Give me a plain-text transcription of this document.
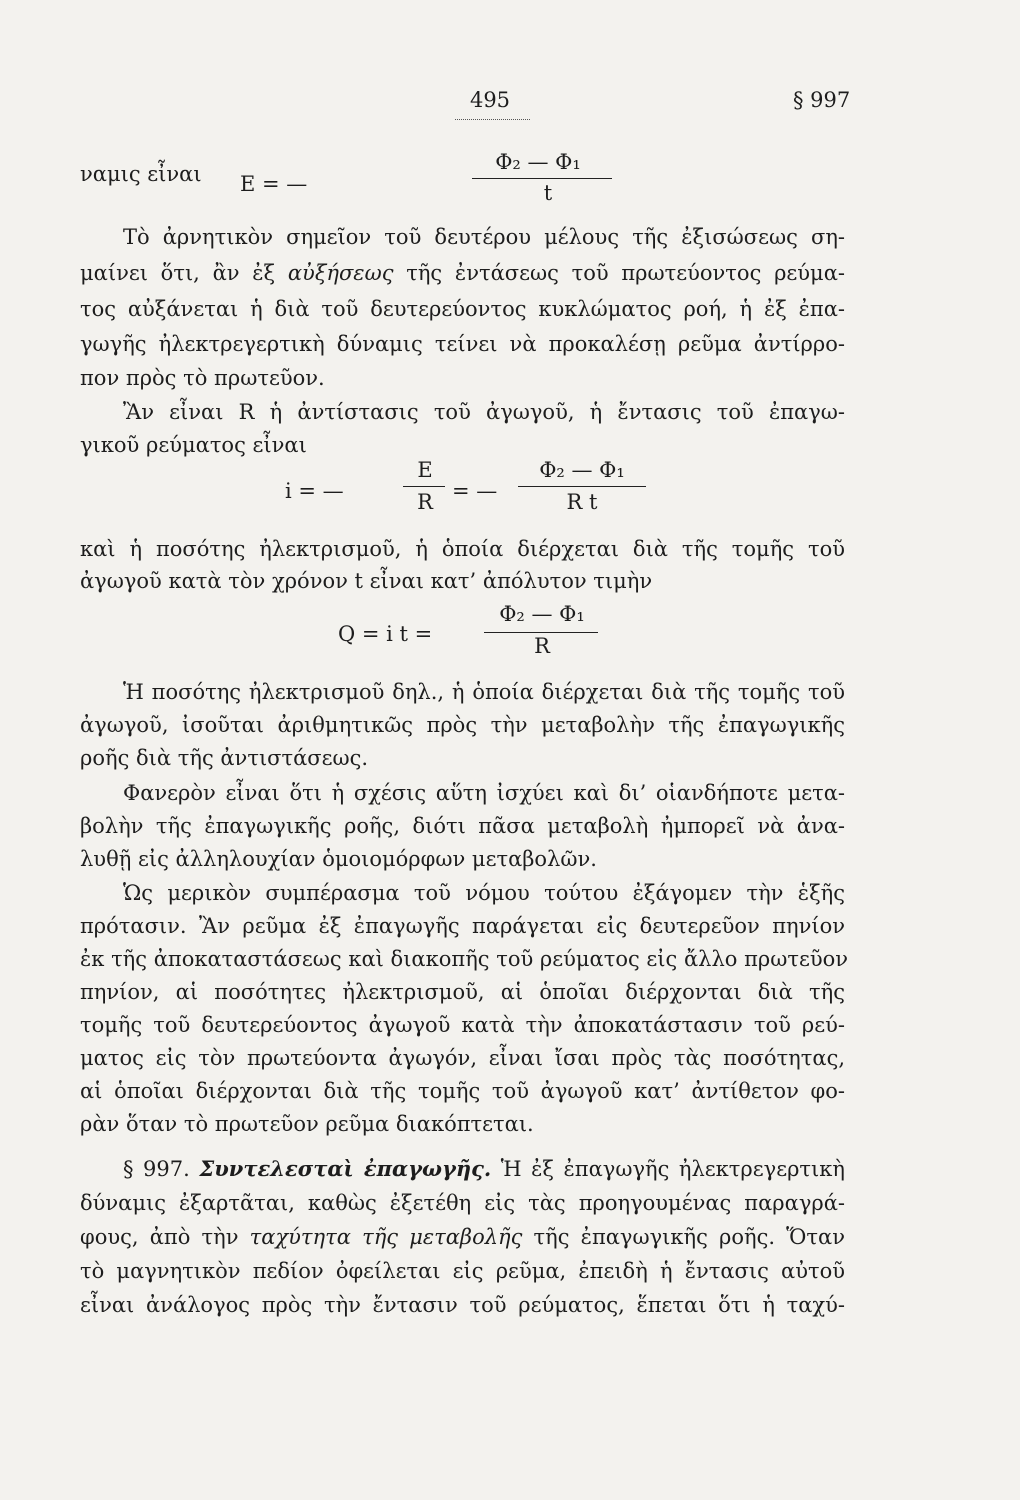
495	§ 997
ναμις εἶναι E = —
Φ₂ — Φ₁
t
Τὸ ἀρνητικὸν σημεῖον τοῦ δευτέρου μέλους τῆς ἐξισώσεως ση-
μαίνει ὅτι, ἂν ἐξ αὐξήσεως τῆς ἐντάσεως τοῦ πρωτεύοντος ρεύμα-
τος αὐξάνεται ἡ διὰ τοῦ δευτερεύοντος κυκλώματος ροή, ἡ ἐξ ἐπα-
γωγῆς ἠλεκτρεγερτικὴ δύναμις τείνει νὰ προκαλέσῃ ρεῦμα ἀντίρρο-
πον πρὸς τὸ πρωτεῦον.
Ἂν εἶναι R ἡ ἀντίστασις τοῦ ἀγωγοῦ, ἡ ἔντασις τοῦ ἐπαγω-
γικοῦ ρεύματος εἶναι
i = —
E
R = —
Φ₂ — Φ₁
R t
καὶ ἡ ποσότης ἠλεκτρισμοῦ, ἡ ὁποία διέρχεται διὰ τῆς τομῆς τοῦ
ἀγωγοῦ κατὰ τὸν χρόνον t εἶναι κατ’ ἀπόλυτον τιμὴν
Q = i t =
Φ₂ — Φ₁
R
Ἡ ποσότης ἠλεκτρισμοῦ δηλ., ἡ ὁποία διέρχεται διὰ τῆς τομῆς τοῦ
ἀγωγοῦ, ἰσοῦται ἀριθμητικῶς πρὸς τὴν μεταβολὴν τῆς ἐπαγωγικῆς
ροῆς διὰ τῆς ἀντιστάσεως.
Φανερὸν εἶναι ὅτι ἡ σχέσις αὕτη ἰσχύει καὶ δι’ οἱανδήποτε μετα-
βολὴν τῆς ἐπαγωγικῆς ροῆς, διότι πᾶσα μεταβολὴ ἠμπορεῖ νὰ ἀνα-
λυθῇ εἰς ἀλληλουχίαν ὁμοιομόρφων μεταβολῶν.
Ὡς μερικὸν συμπέρασμα τοῦ νόμου τούτου ἐξάγομεν τὴν ἑξῆς
πρότασιν. Ἂν ρεῦμα ἐξ ἐπαγωγῆς παράγεται εἰς δευτερεῦον πηνίον
ἐκ τῆς ἀποκαταστάσεως καὶ διακοπῆς τοῦ ρεύματος εἰς ἄλλο πρωτεῦον
πηνίον, αἱ ποσότητες ἠλεκτρισμοῦ, αἱ ὁποῖαι διέρχονται διὰ τῆς
τομῆς τοῦ δευτερεύοντος ἀγωγοῦ κατὰ τὴν ἀποκατάστασιν τοῦ ρεύ-
ματος εἰς τὸν πρωτεύοντα ἀγωγόν, εἶναι ἴσαι πρὸς τὰς ποσότητας,
αἱ ὁποῖαι διέρχονται διὰ τῆς τομῆς τοῦ ἀγωγοῦ κατ’ ἀντίθετον φο-
ρὰν ὅταν τὸ πρωτεῦον ρεῦμα διακόπτεται.
§ 997. Συντελεσταὶ ἐπαγωγῆς. Ἡ ἐξ ἐπαγωγῆς ἠλεκτρεγερτικὴ
δύναμις ἐξαρτᾶται, καθὼς ἐξετέθη εἰς τὰς προηγουμένας παραγρά-
φους, ἀπὸ τὴν ταχύτητα τῆς μεταβολῆς τῆς ἐπαγωγικῆς ροῆς. Ὅταν
τὸ μαγνητικὸν πεδίον ὀφείλεται εἰς ρεῦμα, ἐπειδὴ ἡ ἔντασις αὐτοῦ
εἶναι ἀνάλογος πρὸς τὴν ἔντασιν τοῦ ρεύματος, ἕπεται ὅτι ἡ ταχύ-
